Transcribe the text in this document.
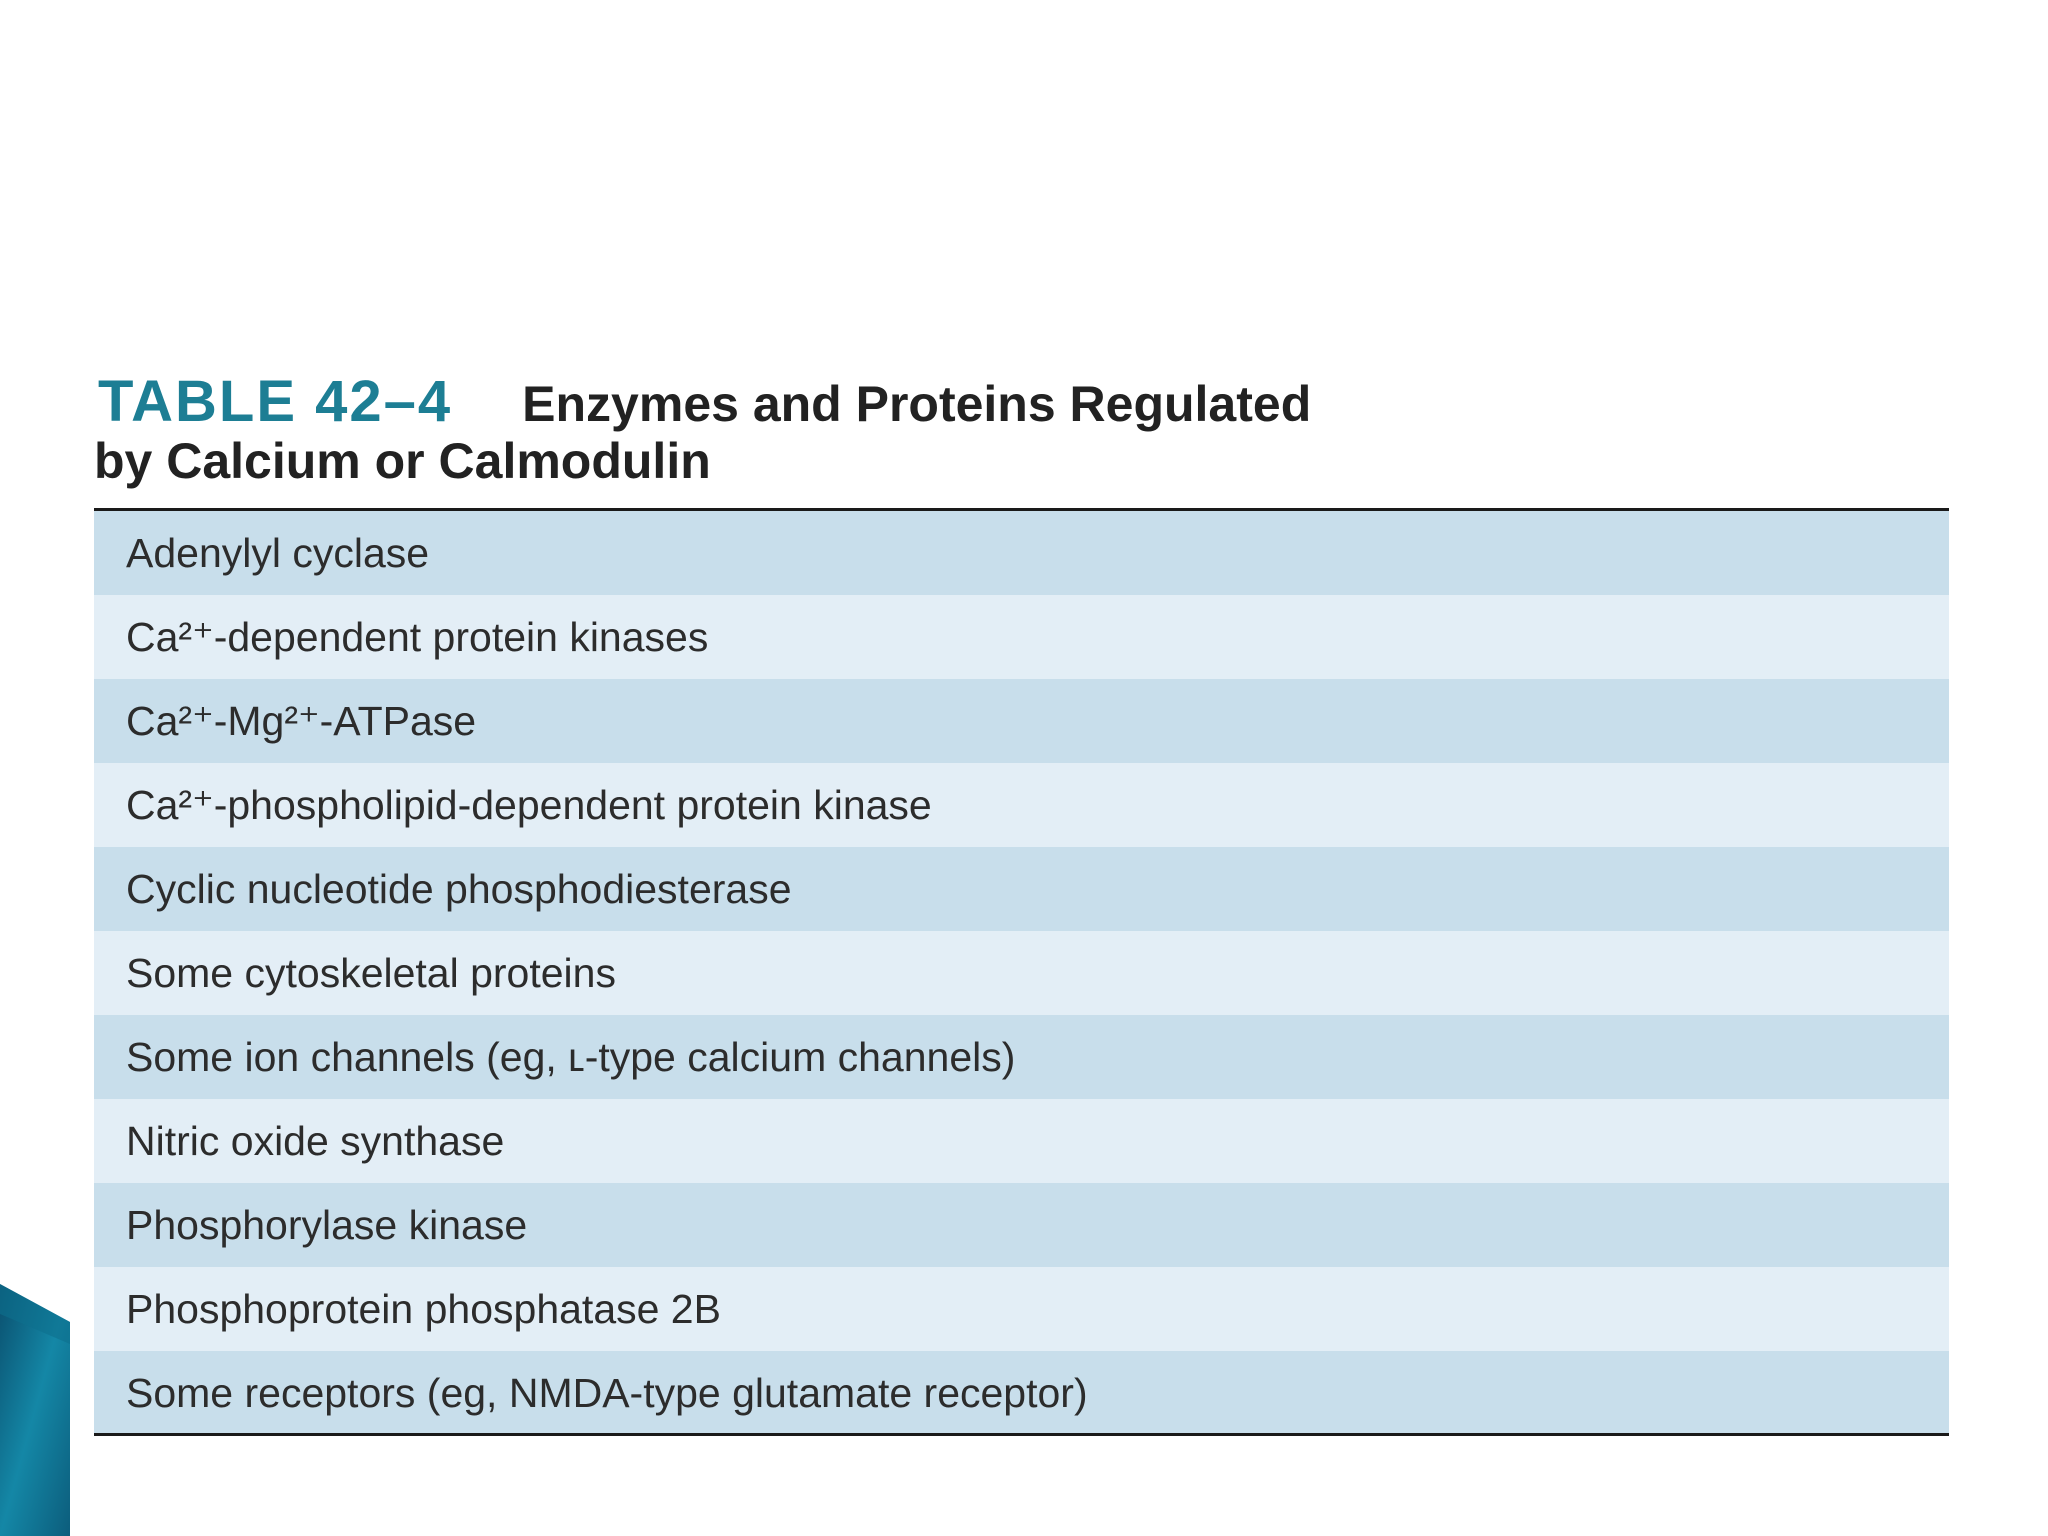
TABLE 42–4 Enzymes and Proteins Regulated
by Calcium or Calmodulin
Adenylyl cyclase
Ca²⁺-dependent protein kinases
Ca²⁺-Mg²⁺-ATPase
Ca²⁺-phospholipid-dependent protein kinase
Cyclic nucleotide phosphodiesterase
Some cytoskeletal proteins
Some ion channels (eg, ʟ-type calcium channels)
Nitric oxide synthase
Phosphorylase kinase
Phosphoprotein phosphatase 2B
Some receptors (eg, NMDA-type glutamate receptor)
